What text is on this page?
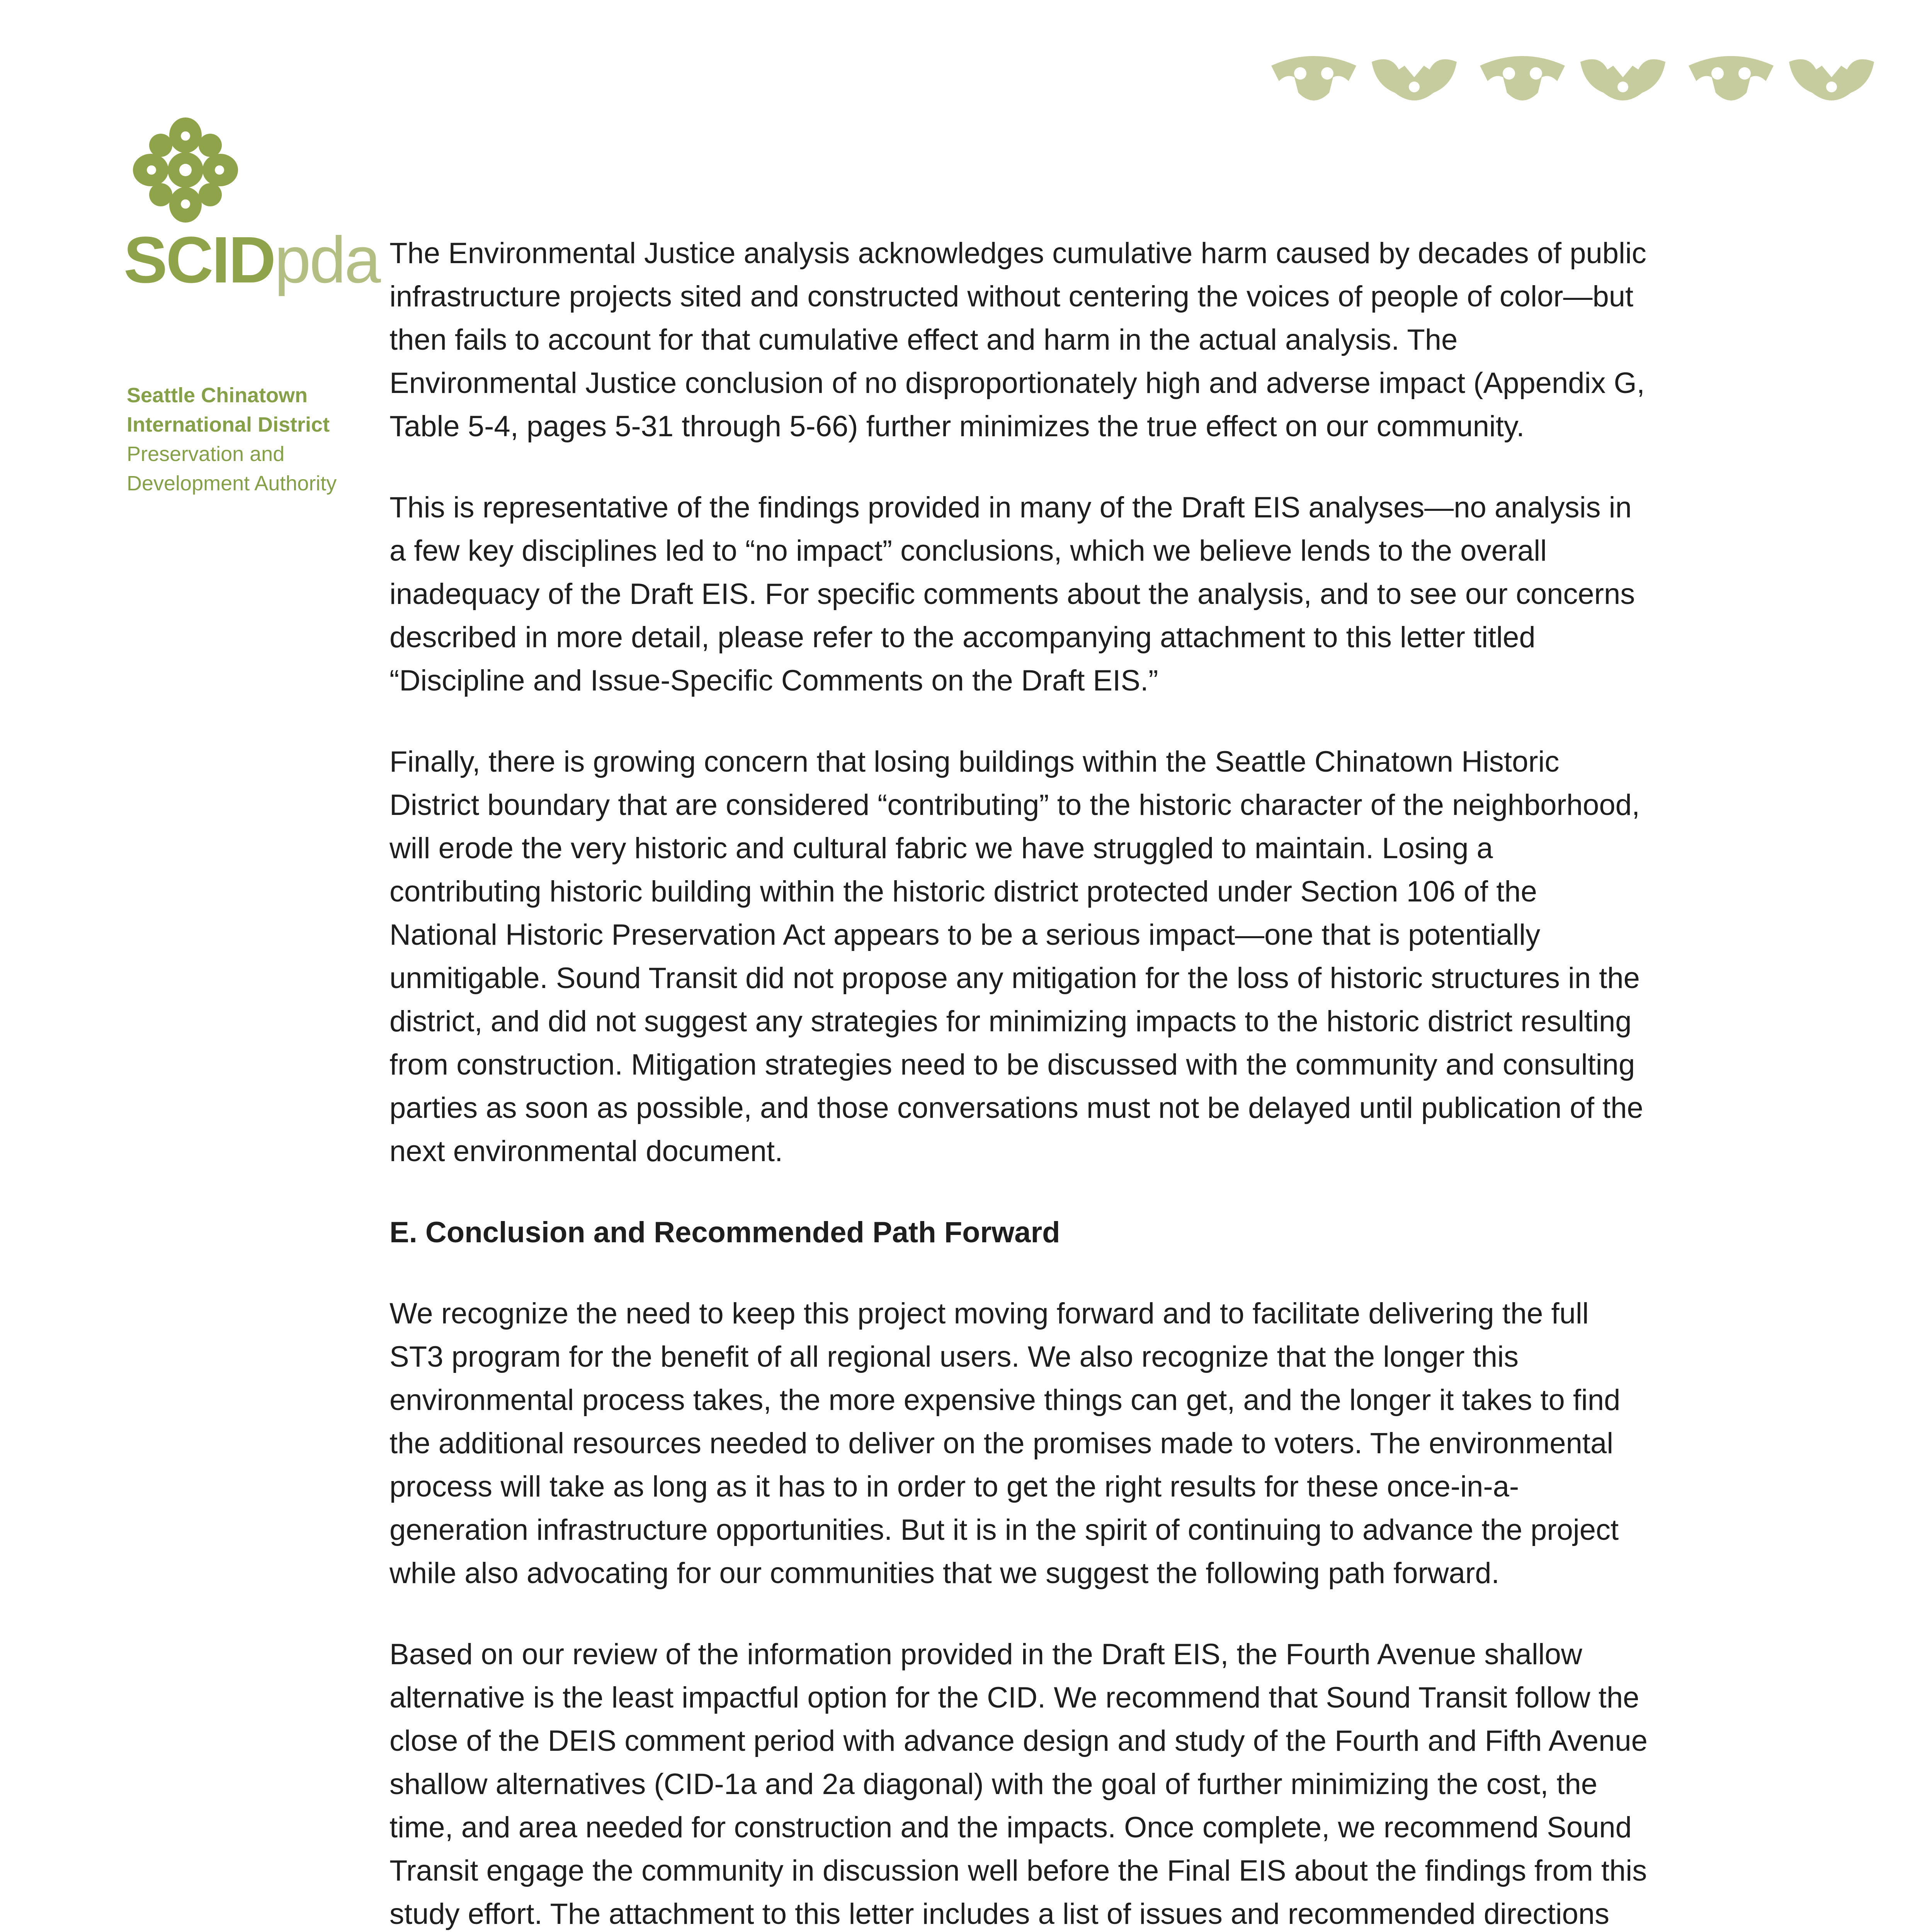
SCIDpda
Seattle Chinatown
International District
Preservation and
Development Authority

The Environmental Justice analysis acknowledges cumulative harm caused by decades of public infrastructure projects sited and constructed without centering the voices of people of color—but then fails to account for that cumulative effect and harm in the actual analysis. The Environmental Justice conclusion of no disproportionately high and adverse impact (Appendix G, Table 5-4, pages 5-31 through 5-66) further minimizes the true effect on our community.

This is representative of the findings provided in many of the Draft EIS analyses—no analysis in a few key disciplines led to “no impact” conclusions, which we believe lends to the overall inadequacy of the Draft EIS. For specific comments about the analysis, and to see our concerns described in more detail, please refer to the accompanying attachment to this letter titled “Discipline and Issue-Specific Comments on the Draft EIS.”

Finally, there is growing concern that losing buildings within the Seattle Chinatown Historic District boundary that are considered “contributing” to the historic character of the neighborhood, will erode the very historic and cultural fabric we have struggled to maintain. Losing a contributing historic building within the historic district protected under Section 106 of the National Historic Preservation Act appears to be a serious impact—one that is potentially unmitigable. Sound Transit did not propose any mitigation for the loss of historic structures in the district, and did not suggest any strategies for minimizing impacts to the historic district resulting from construction. Mitigation strategies need to be discussed with the community and consulting parties as soon as possible, and those conversations must not be delayed until publication of the next environmental document.

E. Conclusion and Recommended Path Forward

We recognize the need to keep this project moving forward and to facilitate delivering the full ST3 program for the benefit of all regional users. We also recognize that the longer this environmental process takes, the more expensive things can get, and the longer it takes to find the additional resources needed to deliver on the promises made to voters. The environmental process will take as long as it has to in order to get the right results for these once-in-a-generation infrastructure opportunities. But it is in the spirit of continuing to advance the project while also advocating for our communities that we suggest the following path forward.

Based on our review of the information provided in the Draft EIS, the Fourth Avenue shallow alternative is the least impactful option for the CID. We recommend that Sound Transit follow the close of the DEIS comment period with advance design and study of the Fourth and Fifth Avenue shallow alternatives (CID-1a and 2a diagonal) with the goal of further minimizing the cost, the time, and area needed for construction and the impacts. Once complete, we recommend Sound Transit engage the community in discussion well before the Final EIS about the findings from this study effort. The attachment to this letter includes a list of issues and recommended directions
